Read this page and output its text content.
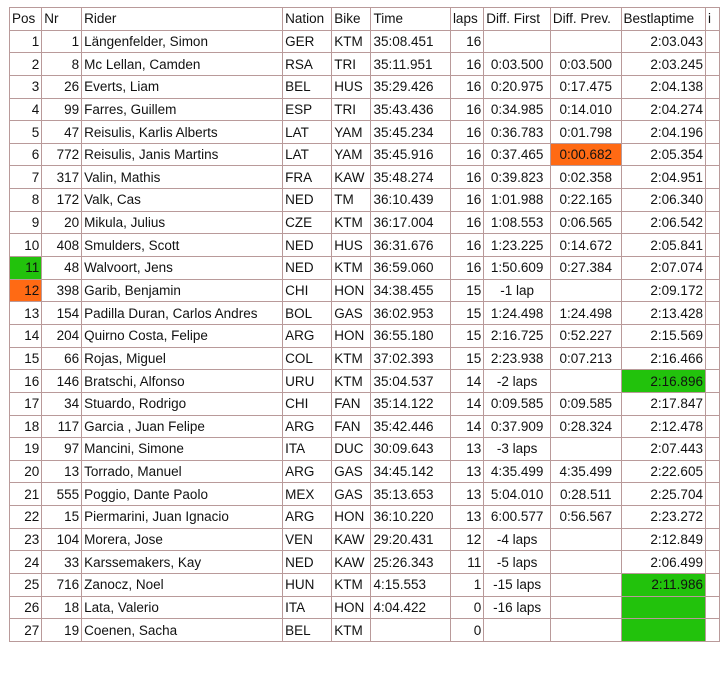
Pos	Nr	Rider	Nation	Bike	Time	laps	Diff. First	Diff. Prev.	Bestlaptime	i
1	1	Längenfelder, Simon	GER	KTM	35:08.451	16			2:03.043	
2	8	Mc Lellan, Camden	RSA	TRI	35:11.951	16	0:03.500	0:03.500	2:03.245	
3	26	Everts, Liam	BEL	HUS	35:29.426	16	0:20.975	0:17.475	2:04.138	
4	99	Farres, Guillem	ESP	TRI	35:43.436	16	0:34.985	0:14.010	2:04.274	
5	47	Reisulis, Karlis Alberts	LAT	YAM	35:45.234	16	0:36.783	0:01.798	2:04.196	
6	772	Reisulis, Janis Martins	LAT	YAM	35:45.916	16	0:37.465	0:00.682	2:05.354	
7	317	Valin, Mathis	FRA	KAW	35:48.274	16	0:39.823	0:02.358	2:04.951	
8	172	Valk, Cas	NED	TM	36:10.439	16	1:01.988	0:22.165	2:06.340	
9	20	Mikula, Julius	CZE	KTM	36:17.004	16	1:08.553	0:06.565	2:06.542	
10	408	Smulders, Scott	NED	HUS	36:31.676	16	1:23.225	0:14.672	2:05.841	
11	48	Walvoort, Jens	NED	KTM	36:59.060	16	1:50.609	0:27.384	2:07.074	
12	398	Garib, Benjamin	CHI	HON	34:38.455	15	-1 lap		2:09.172	
13	154	Padilla Duran, Carlos Andres	BOL	GAS	36:02.953	15	1:24.498	1:24.498	2:13.428	
14	204	Quirno Costa, Felipe	ARG	HON	36:55.180	15	2:16.725	0:52.227	2:15.569	
15	66	Rojas, Miguel	COL	KTM	37:02.393	15	2:23.938	0:07.213	2:16.466	
16	146	Bratschi, Alfonso	URU	KTM	35:04.537	14	-2 laps		2:16.896	
17	34	Stuardo, Rodrigo	CHI	FAN	35:14.122	14	0:09.585	0:09.585	2:17.847	
18	117	Garcia , Juan Felipe	ARG	FAN	35:42.446	14	0:37.909	0:28.324	2:12.478	
19	97	Mancini, Simone	ITA	DUC	30:09.643	13	-3 laps		2:07.443	
20	13	Torrado, Manuel	ARG	GAS	34:45.142	13	4:35.499	4:35.499	2:22.605	
21	555	Poggio, Dante Paolo	MEX	GAS	35:13.653	13	5:04.010	0:28.511	2:25.704	
22	15	Piermarini, Juan Ignacio	ARG	HON	36:10.220	13	6:00.577	0:56.567	2:23.272	
23	104	Morera, Jose	VEN	KAW	29:20.431	12	-4 laps		2:12.849	
24	33	Karssemakers, Kay	NED	KAW	25:26.343	11	-5 laps		2:06.499	
25	716	Zanocz, Noel	HUN	KTM	4:15.553	1	-15 laps		2:11.986	
26	18	Lata, Valerio	ITA	HON	4:04.422	0	-16 laps			
27	19	Coenen, Sacha	BEL	KTM		0				
